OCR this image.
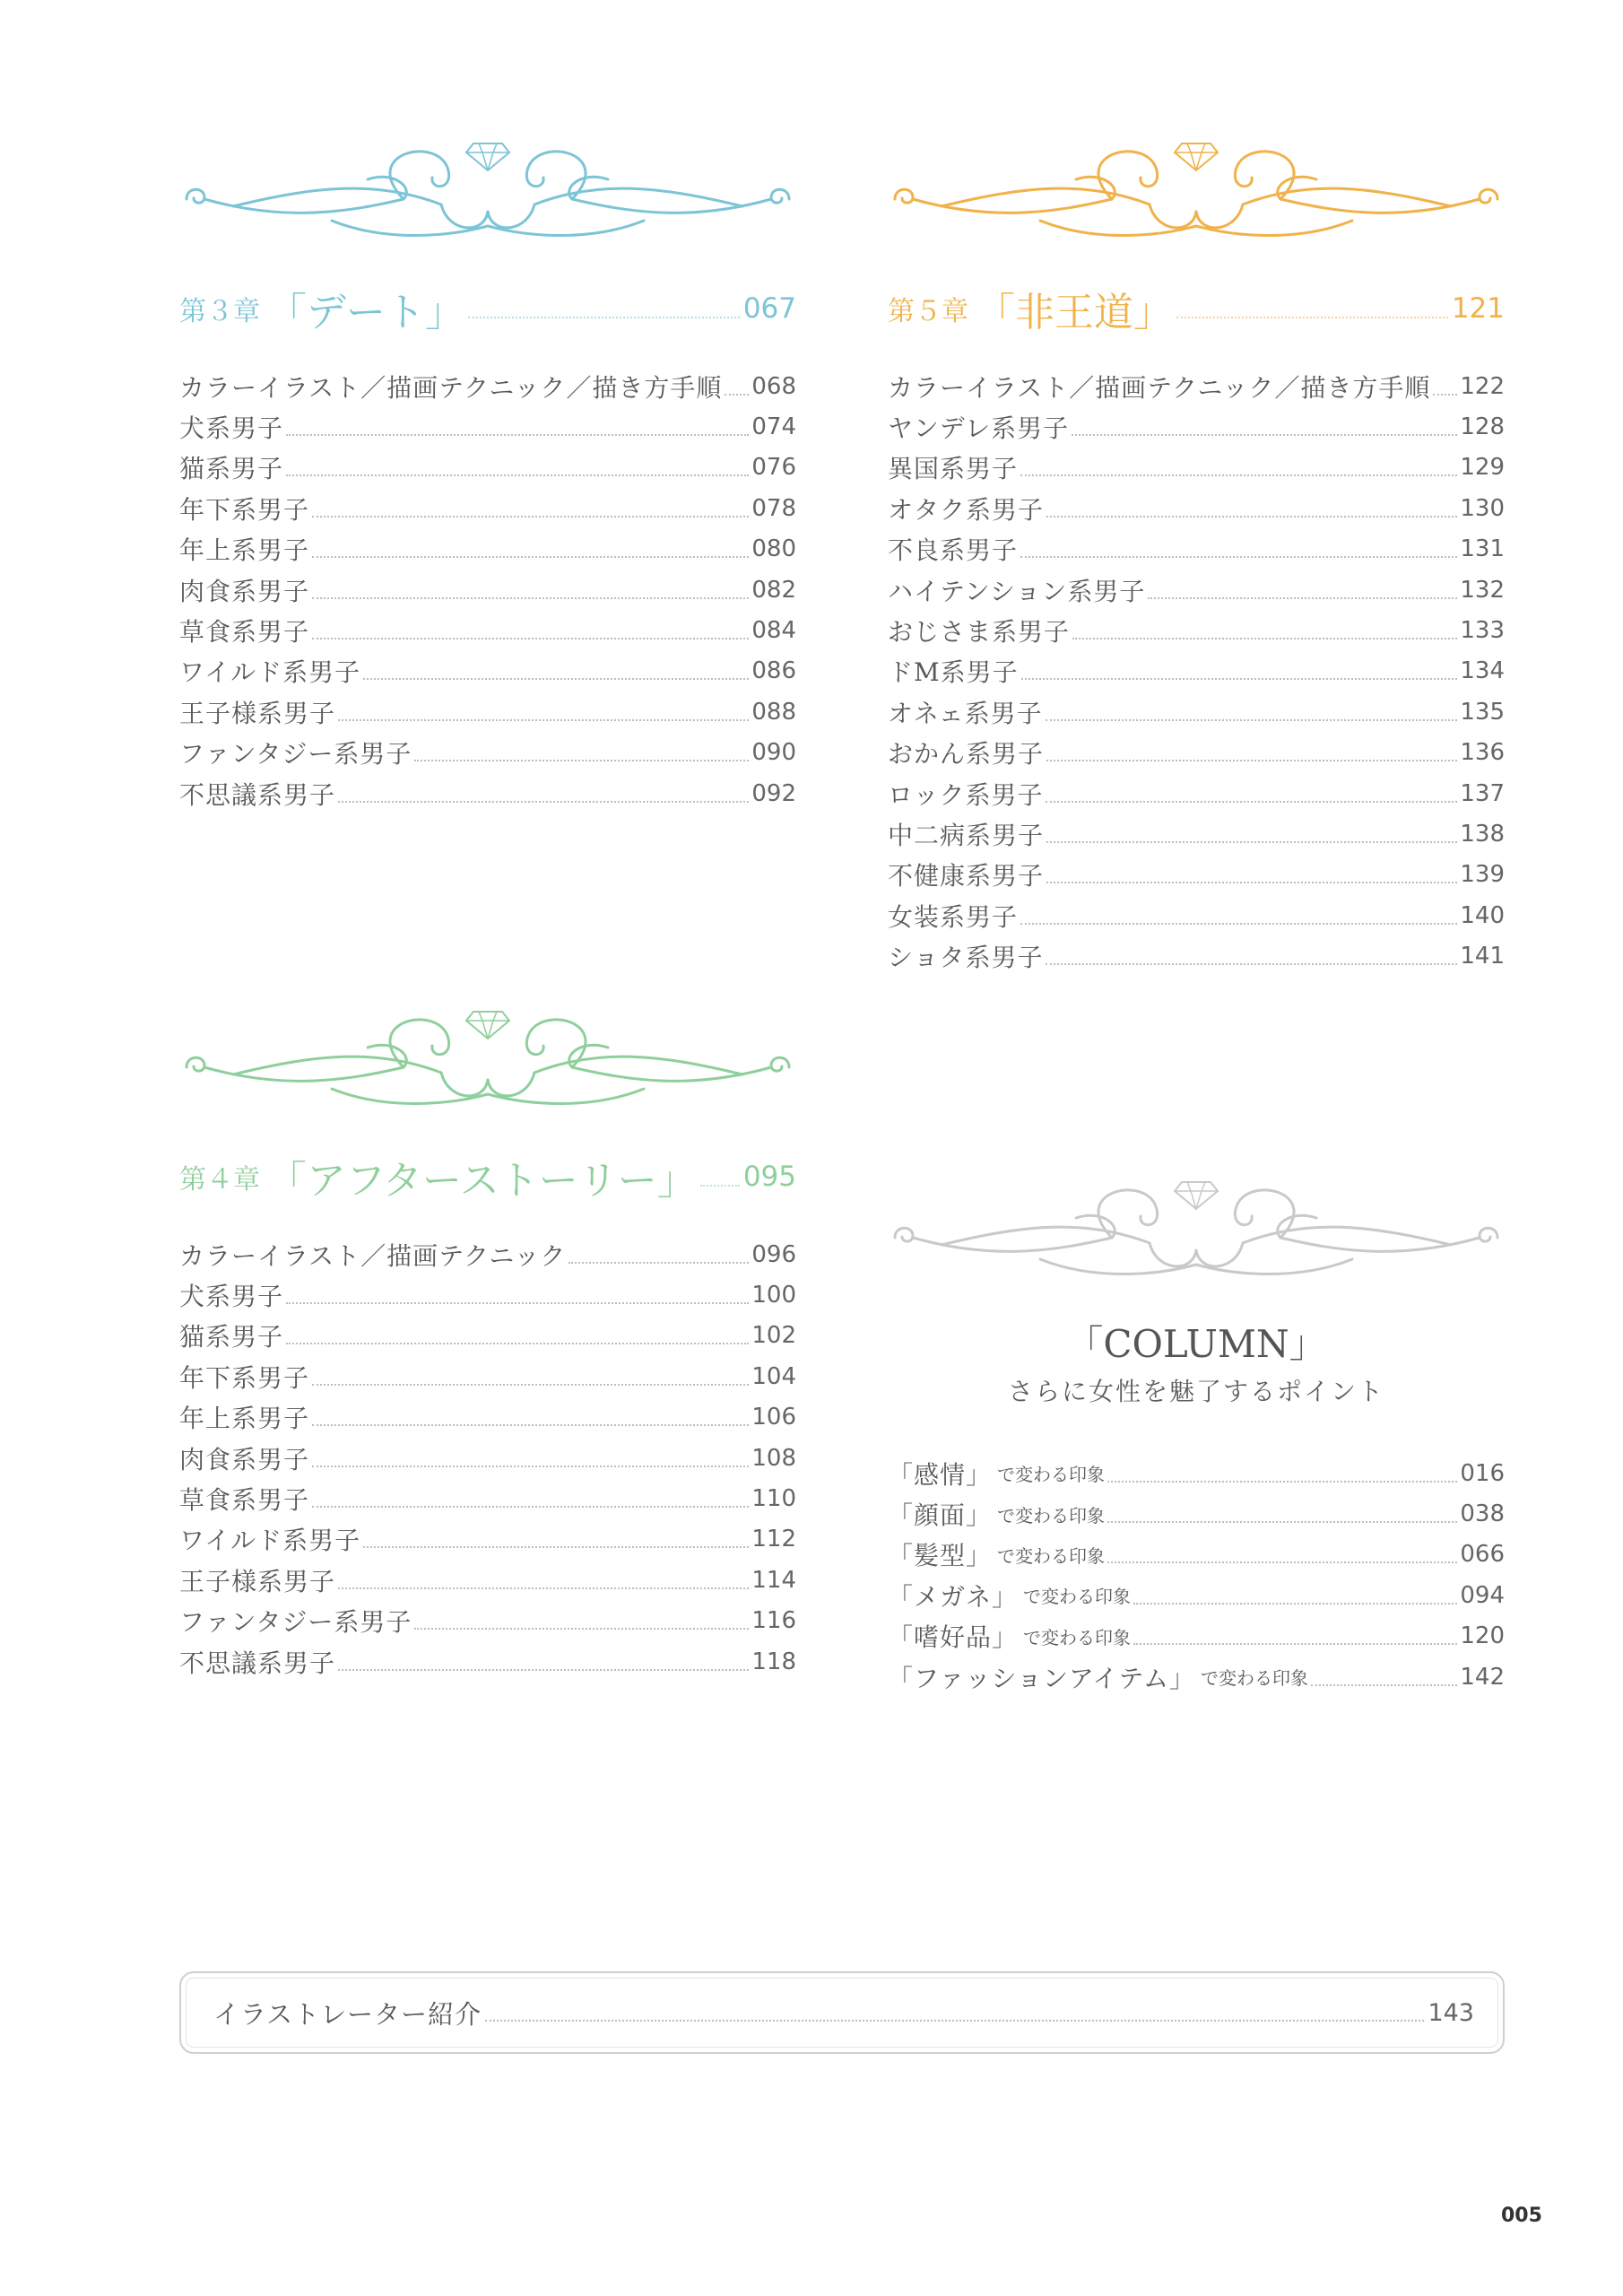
第３章 「デート」	067
カラーイラスト／描画テクニック／描き方手順 068
犬系男子	074
猫系男子	076
年下系男子	078
年上系男子	080
肉食系男子	082
草食系男子	084
ワイルド系男子	086
王子様系男子	088
ファンタジー系男子	090
不思議系男子	092
第４章 「アフターストーリー」 095
カラーイラスト／描画テクニック	096
犬系男子	100
猫系男子	102
年下系男子	104
年上系男子	106
肉食系男子	108
草食系男子	110
ワイルド系男子	112
王子様系男子	114
ファンタジー系男子	116
不思議系男子	118
第５章 「非王道」	121
カラーイラスト／描画テクニック／描き方手順 122
ヤンデレ系男子	128
異国系男子	129
オタク系男子	130
不良系男子	131
ハイテンション系男子	132
おじさま系男子	133
ドM系男子	134
オネェ系男子	135
おかん系男子	136
ロック系男子	137
中二病系男子	138
不健康系男子	139
女装系男子	140
ショタ系男子	141
「COLUMN」
さらに女性を魅了するポイント
「感情」 で変わる印象	016
「顔面」 で変わる印象	038
「髪型」 で変わる印象	066
「メガネ」 で変わる印象	094
「嗜好品」 で変わる印象	120
「ファッションアイテム」 で変わる印象	142
イラストレーター紹介	143
005
